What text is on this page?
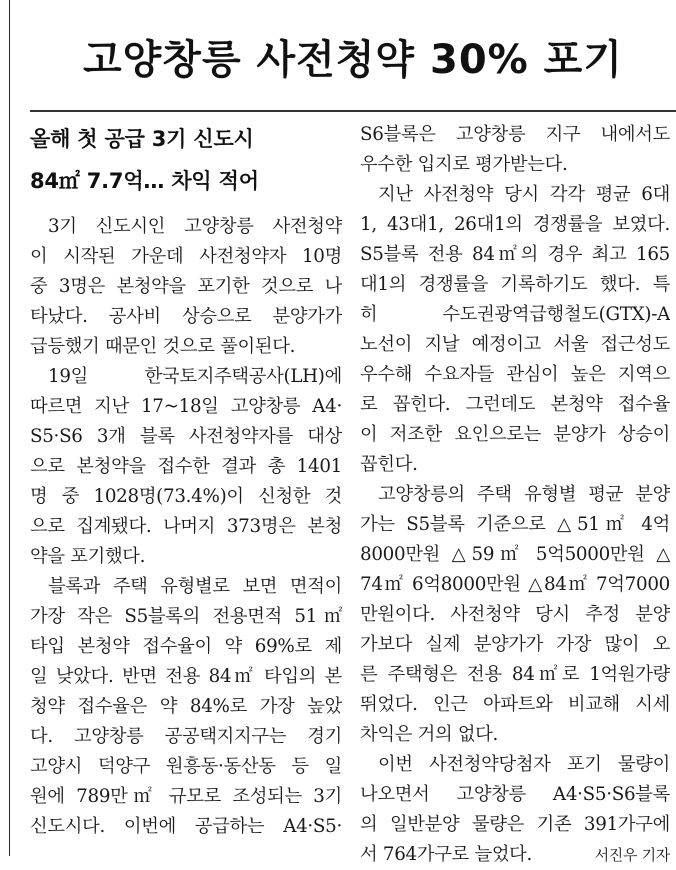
고양창릉 사전청약 30% 포기
올해 첫 공급 3기 신도시
84㎡ 7.7억… 차익 적어
3기 신도시인 고양창릉 사전청약
이 시작된 가운데 사전청약자 10명
중 3명은 본청약을 포기한 것으로 나
타났다. 공사비 상승으로 분양가가
급등했기 때문인 것으로 풀이된다.
19일 한국토지주택공사(LH)에
따르면 지난 17~18일 고양창릉 A4·
S5·S6 3개 블록 사전청약자를 대상
으로 본청약을 접수한 결과 총 1401
명 중 1028명(73.4%)이 신청한 것
으로 집계됐다. 나머지 373명은 본청
약을 포기했다.
블록과 주택 유형별로 보면 면적이
가장 작은 S5블록의 전용면적 51㎡
타입 본청약 접수율이 약 69%로 제
일 낮았다. 반면 전용 84㎡ 타입의 본
청약 접수율은 약 84%로 가장 높았
다. 고양창릉 공공택지지구는 경기
고양시 덕양구 원흥동·동산동 등 일
원에 789만㎡ 규모로 조성되는 3기
신도시다. 이번에 공급하는 A4·S5·
S6블록은 고양창릉 지구 내에서도
우수한 입지로 평가받는다.
지난 사전청약 당시 각각 평균 6대
1, 43대1, 26대1의 경쟁률을 보였다.
S5블록 전용 84㎡의 경우 최고 165
대1의 경쟁률을 기록하기도 했다. 특
히 수도권광역급행철도(GTX)-A
노선이 지날 예정이고 서울 접근성도
우수해 수요자들 관심이 높은 지역으
로 꼽힌다. 그런데도 본청약 접수율
이 저조한 요인으로는 분양가 상승이
꼽힌다.
고양창릉의 주택 유형별 평균 분양
가는 S5블록 기준으로 △51㎡ 4억
8000만원 △59㎡ 5억5000만원 △
74㎡ 6억8000만원 △84㎡ 7억7000
만원이다. 사전청약 당시 추정 분양
가보다 실제 분양가가 가장 많이 오
른 주택형은 전용 84㎡로 1억원가량
뛰었다. 인근 아파트와 비교해 시세
차익은 거의 없다.
이번 사전청약당첨자 포기 물량이
나오면서 고양창릉 A4·S5·S6블록
의 일반분양 물량은 기존 391가구에
서 764가구로 늘었다.	서진우 기자
